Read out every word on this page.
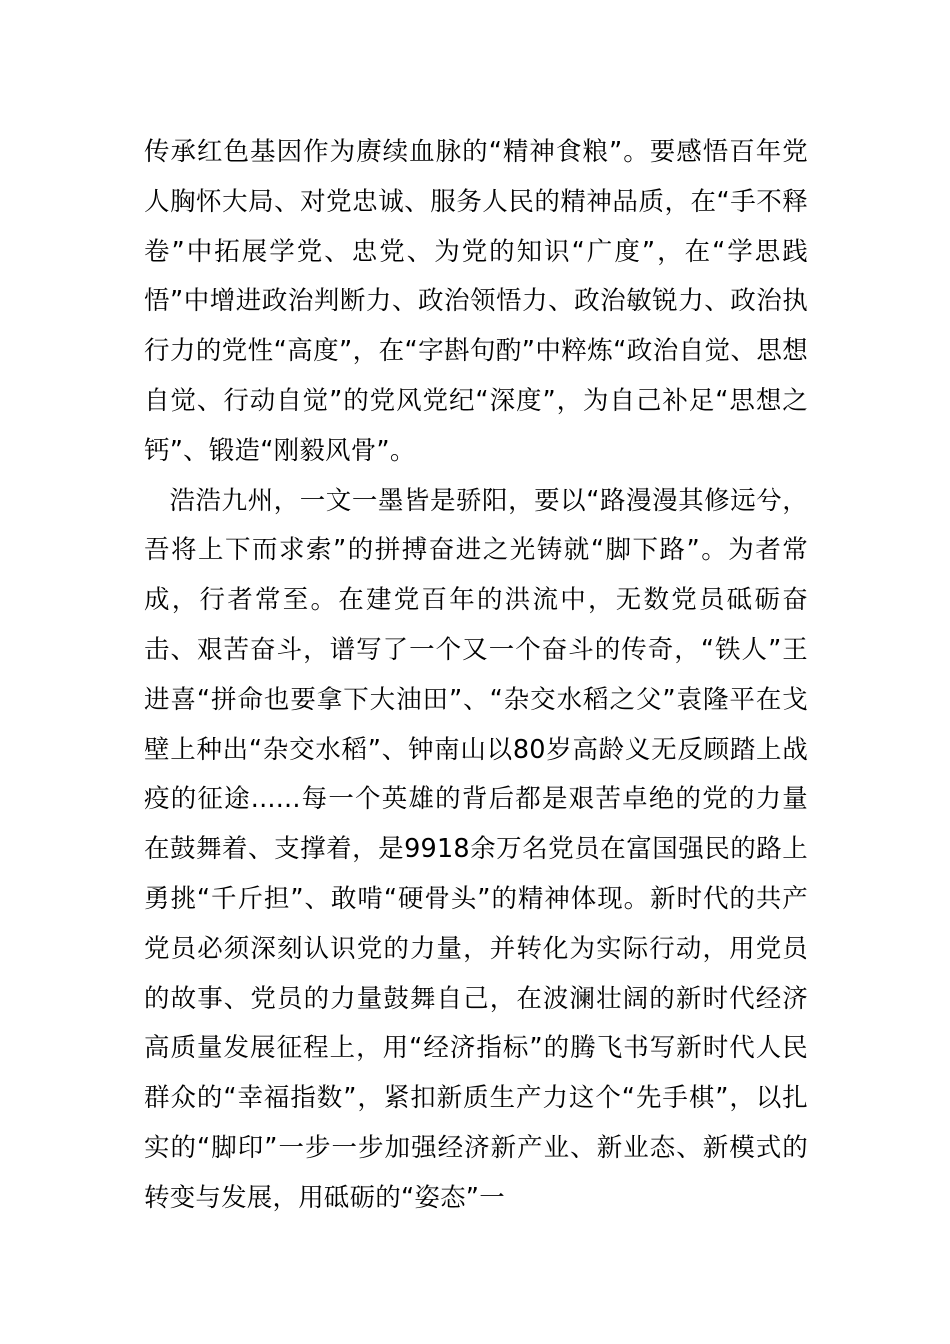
传承红色基因作为赓续血脉的“精神食粮”。要感悟百年党人胸怀大局、对党忠诚、服务人民的精神品质，在“手不释卷”中拓展学党、忠党、为党的知识“广度”，在“学思践悟”中增进政治判断力、政治领悟力、政治敏锐力、政治执行力的党性“高度”，在“字斟句酌”中粹炼“政治自觉、思想自觉、行动自觉”的党风党纪“深度”，为自己补足“思想之钙”、锻造“刚毅风骨”。

浩浩九州，一文一墨皆是骄阳，要以“路漫漫其修远兮，吾将上下而求索”的拼搏奋进之光铸就“脚下路”。为者常成，行者常至。在建党百年的洪流中，无数党员砥砺奋击、艰苦奋斗，谱写了一个又一个奋斗的传奇，“铁人”王进喜“拼命也要拿下大油田”、“杂交水稻之父”袁隆平在戈壁上种出“杂交水稻”、钟南山以80岁高龄义无反顾踏上战疫的征途......每一个英雄的背后都是艰苦卓绝的党的力量在鼓舞着、支撑着，是9918余万名党员在富国强民的路上勇挑“千斤担”、敢啃“硬骨头”的精神体现。新时代的共产党员必须深刻认识党的力量，并转化为实际行动，用党员的故事、党员的力量鼓舞自己，在波澜壮阔的新时代经济高质量发展征程上，用“经济指标”的腾飞书写新时代人民群众的“幸福指数”，紧扣新质生产力这个“先手棋”，以扎实的“脚印”一步一步加强经济新产业、新业态、新模式的转变与发展，用砥砺的“姿态”一
